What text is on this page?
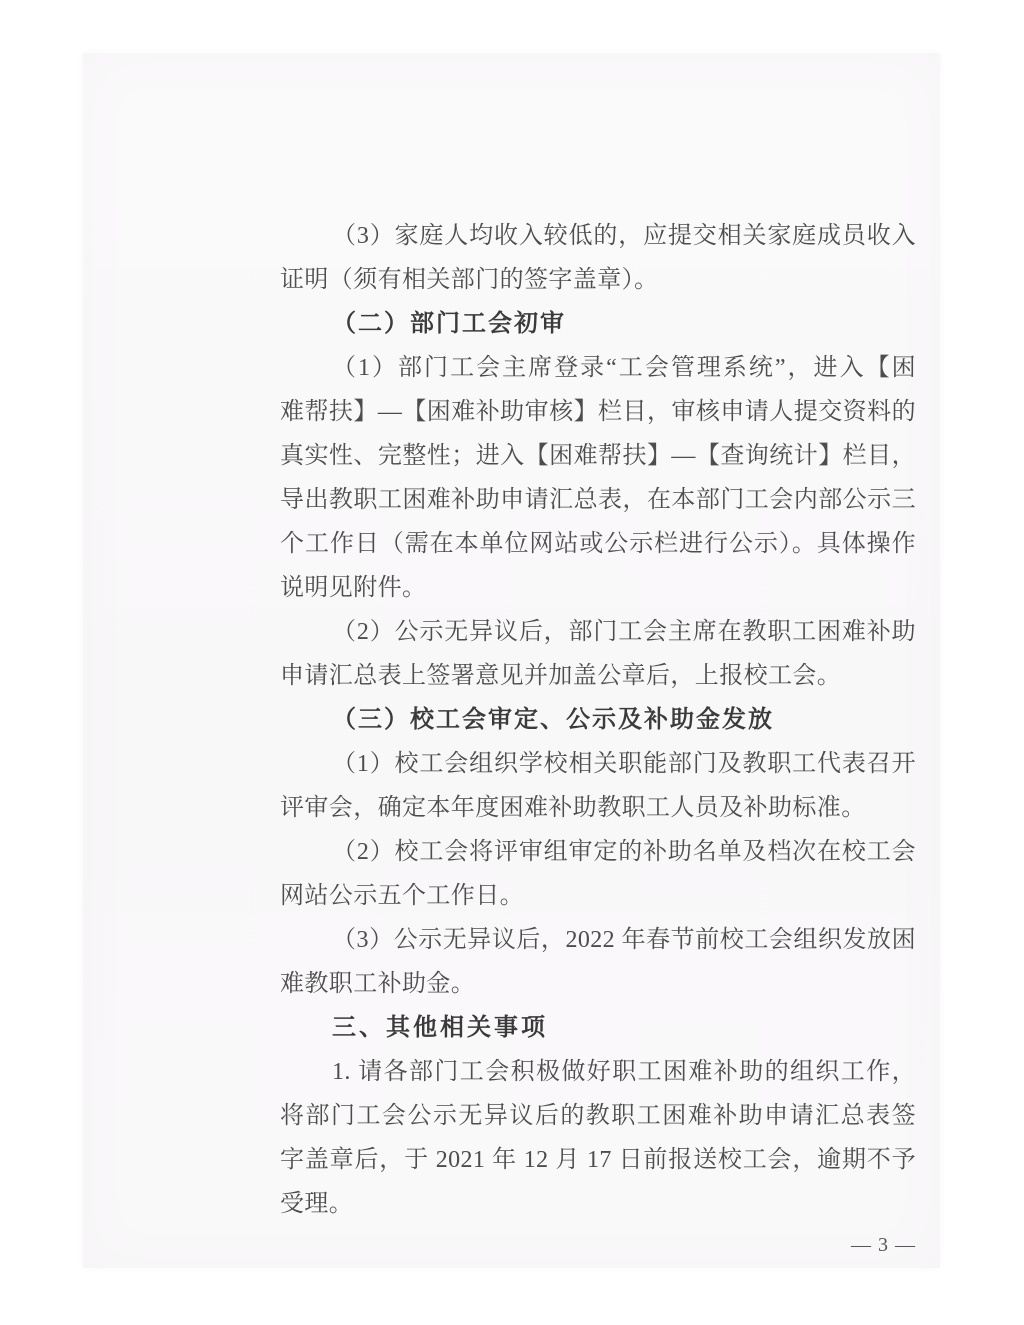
（3）家庭人均收入较低的，应提交相关家庭成员收入
证明（须有相关部门的签字盖章）。
（二）部门工会初审
（1）部门工会主席登录“工会管理系统”，进入【困
难帮扶】—【困难补助审核】栏目，审核申请人提交资料的
真实性、完整性；进入【困难帮扶】—【查询统计】栏目，
导出教职工困难补助申请汇总表，在本部门工会内部公示三
个工作日（需在本单位网站或公示栏进行公示）。具体操作
说明见附件。
（2）公示无异议后，部门工会主席在教职工困难补助
申请汇总表上签署意见并加盖公章后，上报校工会。
（三）校工会审定、公示及补助金发放
（1）校工会组织学校相关职能部门及教职工代表召开
评审会，确定本年度困难补助教职工人员及补助标准。
（2）校工会将评审组审定的补助名单及档次在校工会
网站公示五个工作日。
（3）公示无异议后，2022 年春节前校工会组织发放困
难教职工补助金。
三、其他相关事项
1. 请各部门工会积极做好职工困难补助的组织工作，
将部门工会公示无异议后的教职工困难补助申请汇总表签
字盖章后，于 2021 年 12 月 17 日前报送校工会，逾期不予
受理。
— 3 —
